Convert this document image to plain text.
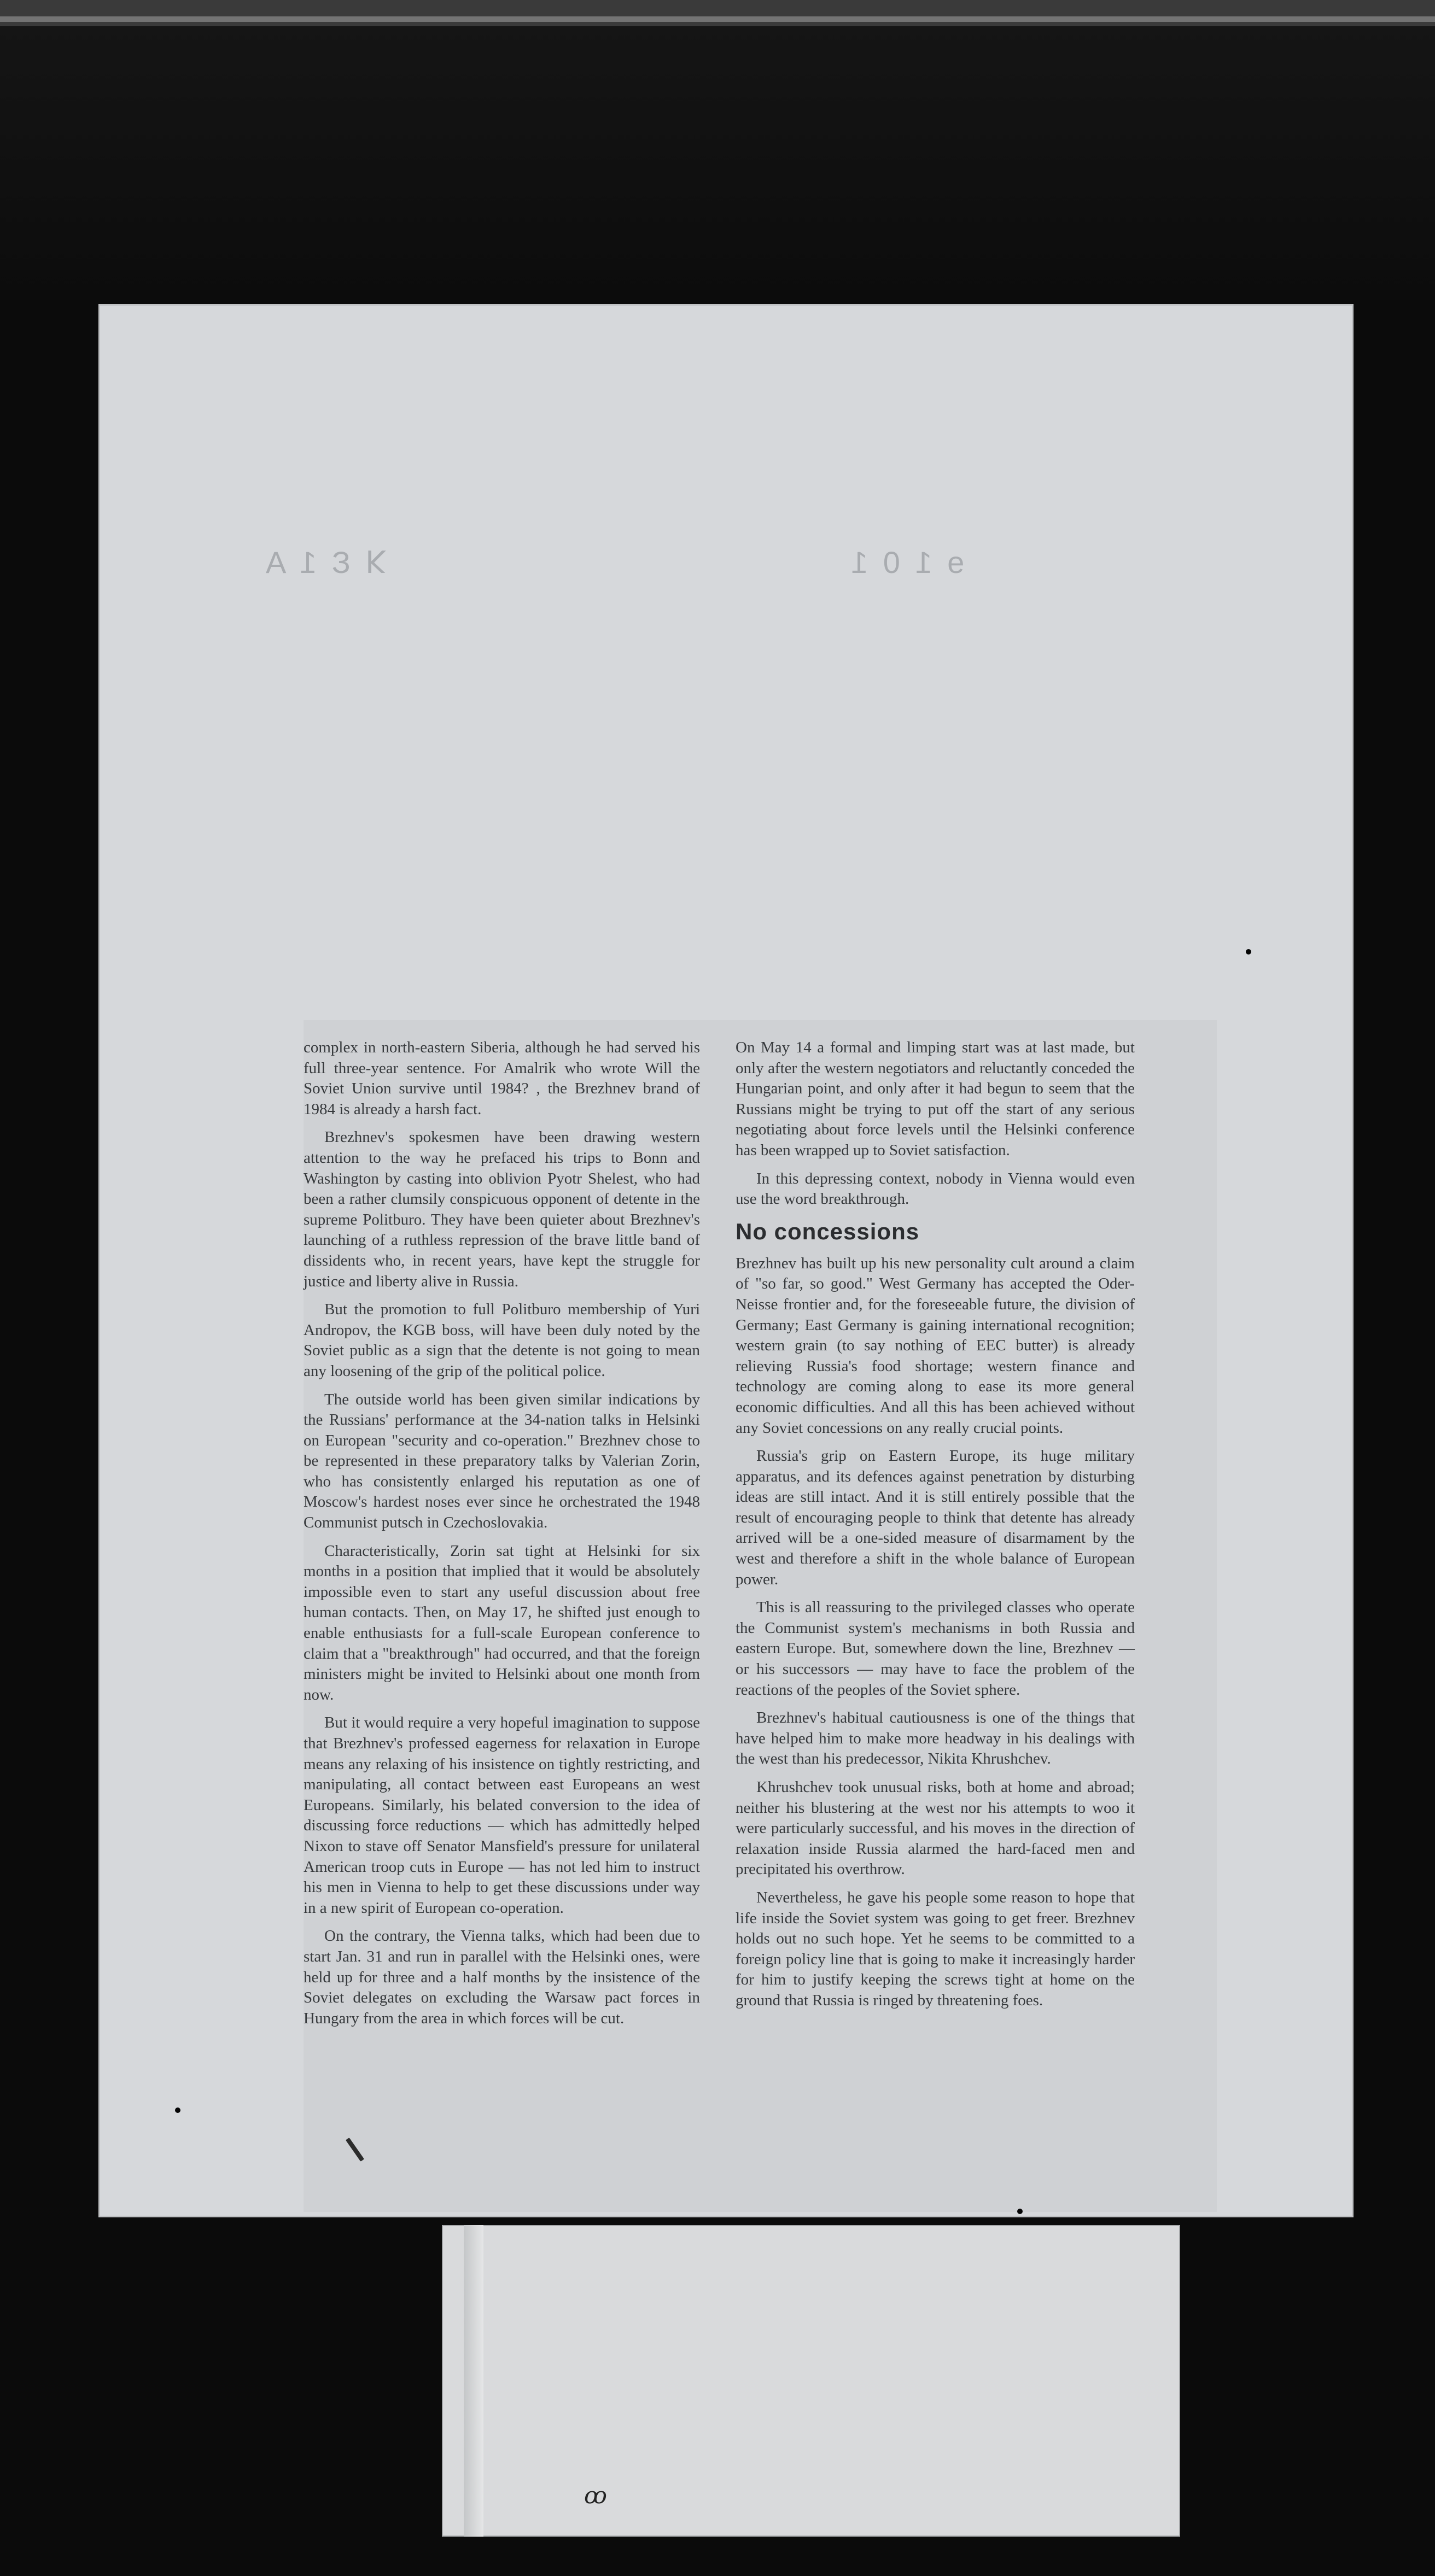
ꓘ Ɛ 1 A	ɘ 1 0 1

complex in north-eastern Siberia, although he had served his full three-year sentence. For Amalrik who wrote Will the Soviet Union survive until 1984? , the Brezhnev brand of 1984 is already a harsh fact.

Brezhnev's spokesmen have been drawing western attention to the way he prefaced his trips to Bonn and Washington by casting into oblivion Pyotr Shelest, who had been a rather clumsily conspicuous opponent of detente in the supreme Politburo. They have been quieter about Brezhnev's launching of a ruthless repression of the brave little band of dissidents who, in recent years, have kept the struggle for justice and liberty alive in Russia.

But the promotion to full Politburo membership of Yuri Andropov, the KGB boss, will have been duly noted by the Soviet public as a sign that the detente is not going to mean any loosening of the grip of the political police.

The outside world has been given similar indications by the Russians' performance at the 34-nation talks in Helsinki on European "security and co-operation." Brezhnev chose to be represented in these preparatory talks by Valerian Zorin, who has consistently enlarged his reputation as one of Moscow's hardest noses ever since he orchestrated the 1948 Communist putsch in Czechoslovakia.

Characteristically, Zorin sat tight at Helsinki for six months in a position that implied that it would be absolutely impossible even to start any useful discussion about free human contacts. Then, on May 17, he shifted just enough to enable enthusiasts for a full-scale European conference to claim that a "breakthrough" had occurred, and that the foreign ministers might be invited to Helsinki about one month from now.

But it would require a very hopeful imagination to suppose that Brezhnev's professed eagerness for relaxation in Europe means any relaxing of his insistence on tightly restricting, and manipulating, all contact between east Europeans an west Europeans. Similarly, his belated conversion to the idea of discussing force reductions — which has admittedly helped Nixon to stave off Senator Mansfield's pressure for unilateral American troop cuts in Europe — has not led him to instruct his men in Vienna to help to get these discussions under way in a new spirit of European co-operation.

On the contrary, the Vienna talks, which had been due to start Jan. 31 and run in parallel with the Helsinki ones, were held up for three and a half months by the insistence of the Soviet delegates on excluding the Warsaw pact forces in Hungary from the area in which forces will be cut.

On May 14 a formal and limping start was at last made, but only after the western negotiators and reluctantly conceded the Hungarian point, and only after it had begun to seem that the Russians might be trying to put off the start of any serious negotiating about force levels until the Helsinki conference has been wrapped up to Soviet satisfaction.

In this depressing context, nobody in Vienna would even use the word breakthrough.

No concessions

Brezhnev has built up his new personality cult around a claim of "so far, so good." West Germany has accepted the Oder-Neisse frontier and, for the foreseeable future, the division of Germany; East Germany is gaining international recognition; western grain (to say nothing of EEC butter) is already relieving Russia's food shortage; western finance and technology are coming along to ease its more general economic difficulties. And all this has been achieved without any Soviet concessions on any really crucial points.

Russia's grip on Eastern Europe, its huge military apparatus, and its defences against penetration by disturbing ideas are still intact. And it is still entirely possible that the result of encouraging people to think that detente has already arrived will be a one-sided measure of disarmament by the west and therefore a shift in the whole balance of European power.

This is all reassuring to the privileged classes who operate the Communist system's mechanisms in both Russia and eastern Europe. But, somewhere down the line, Brezhnev — or his successors — may have to face the problem of the reactions of the peoples of the Soviet sphere.

Brezhnev's habitual cautiousness is one of the things that have helped him to make more headway in his dealings with the west than his predecessor, Nikita Khrushchev.

Khrushchev took unusual risks, both at home and abroad; neither his blustering at the west nor his attempts to woo it were particularly successful, and his moves in the direction of relaxation inside Russia alarmed the hard-faced men and precipitated his overthrow.

Nevertheless, he gave his people some reason to hope that life inside the Soviet system was going to get freer. Brezhnev holds out no such hope. Yet he seems to be committed to a foreign policy line that is going to make it increasingly harder for him to justify keeping the screws tight at home on the ground that Russia is ringed by threatening foes.

ꝏ
